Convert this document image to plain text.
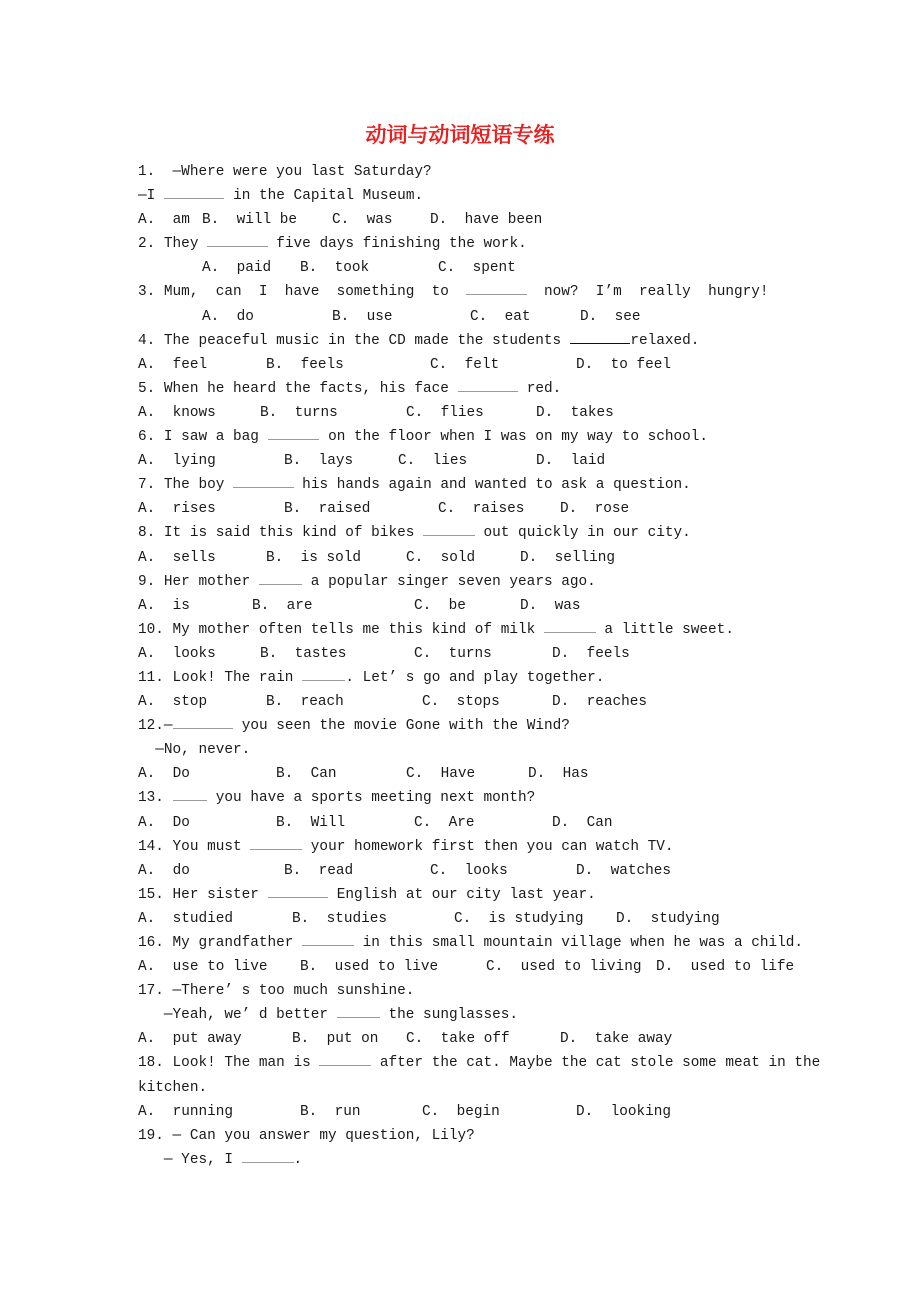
动词与动词短语专练
1.  —Where were you last Saturday?
—I	in the Capital Museum.
A.  am B.  will be C.  was	D.  have been
2. They	five days finishing the work.
A.  paid B.  took	C.  spent
3. Mum,  can  I  have  something  to	now?  I’m  really  hungry!
A.  do	B.  use	C.  eat	D.  see
4. The peaceful music in the CD made the students	relaxed.
A.  feel	B.  feels	C.  felt	D.  to feel
5. When he heard the facts, his face	red.
A.  knows	B.  turns	C.  flies	D.  takes
6. I saw a bag	on the floor when I was on my way to school.
A.  lying	B.  lays	C.  lies	D.  laid
7. The boy	his hands again and wanted to ask a question.
A.  rises	B.  raised	C.  raises D.  rose
8. It is said this kind of bikes	out quickly in our city.
A.  sells	B.  is sold	C.  sold	D.  selling
9. Her mother	a popular singer seven years ago.
A.  is	B.  are	C.  be	D.  was
10. My mother often tells me this kind of milk	a little sweet.
A.  looks	B.  tastes	C.  turns	D.  feels
11. Look! The rain	. Let’ s go and play together.
A.  stop	B.  reach	C.  stops	D.  reaches
12.—	you seen the movie Gone with the Wind?
—No, never.
A.  Do	B.  Can	C.  Have	D.  Has
13.  you have a sports meeting next month?
A.  Do	B.  Will	C.  Are	D.  Can
14. You must	your homework first then you can watch TV.
A.  do	B.  read	C.  looks	D.  watches
15. Her sister	English at our city last year.
A.  studied	B.  studies	C.  is studying D.  studying
16. My grandfather	in this small mountain village when he was a child.
A.  use to live B.  used to live	C.  used to living D.  used to life
17. —There’ s too much sunshine.
—Yeah, we’ d better	the sunglasses.
A.  put away	B.  put on C.  take off	D.  take away
18. Look! The man is	after the cat. Maybe the cat stole some meat in the
kitchen.
A.  running	B.  run	C.  begin	D.  looking
19. — Can you answer my question, Lily?
— Yes, I	.
